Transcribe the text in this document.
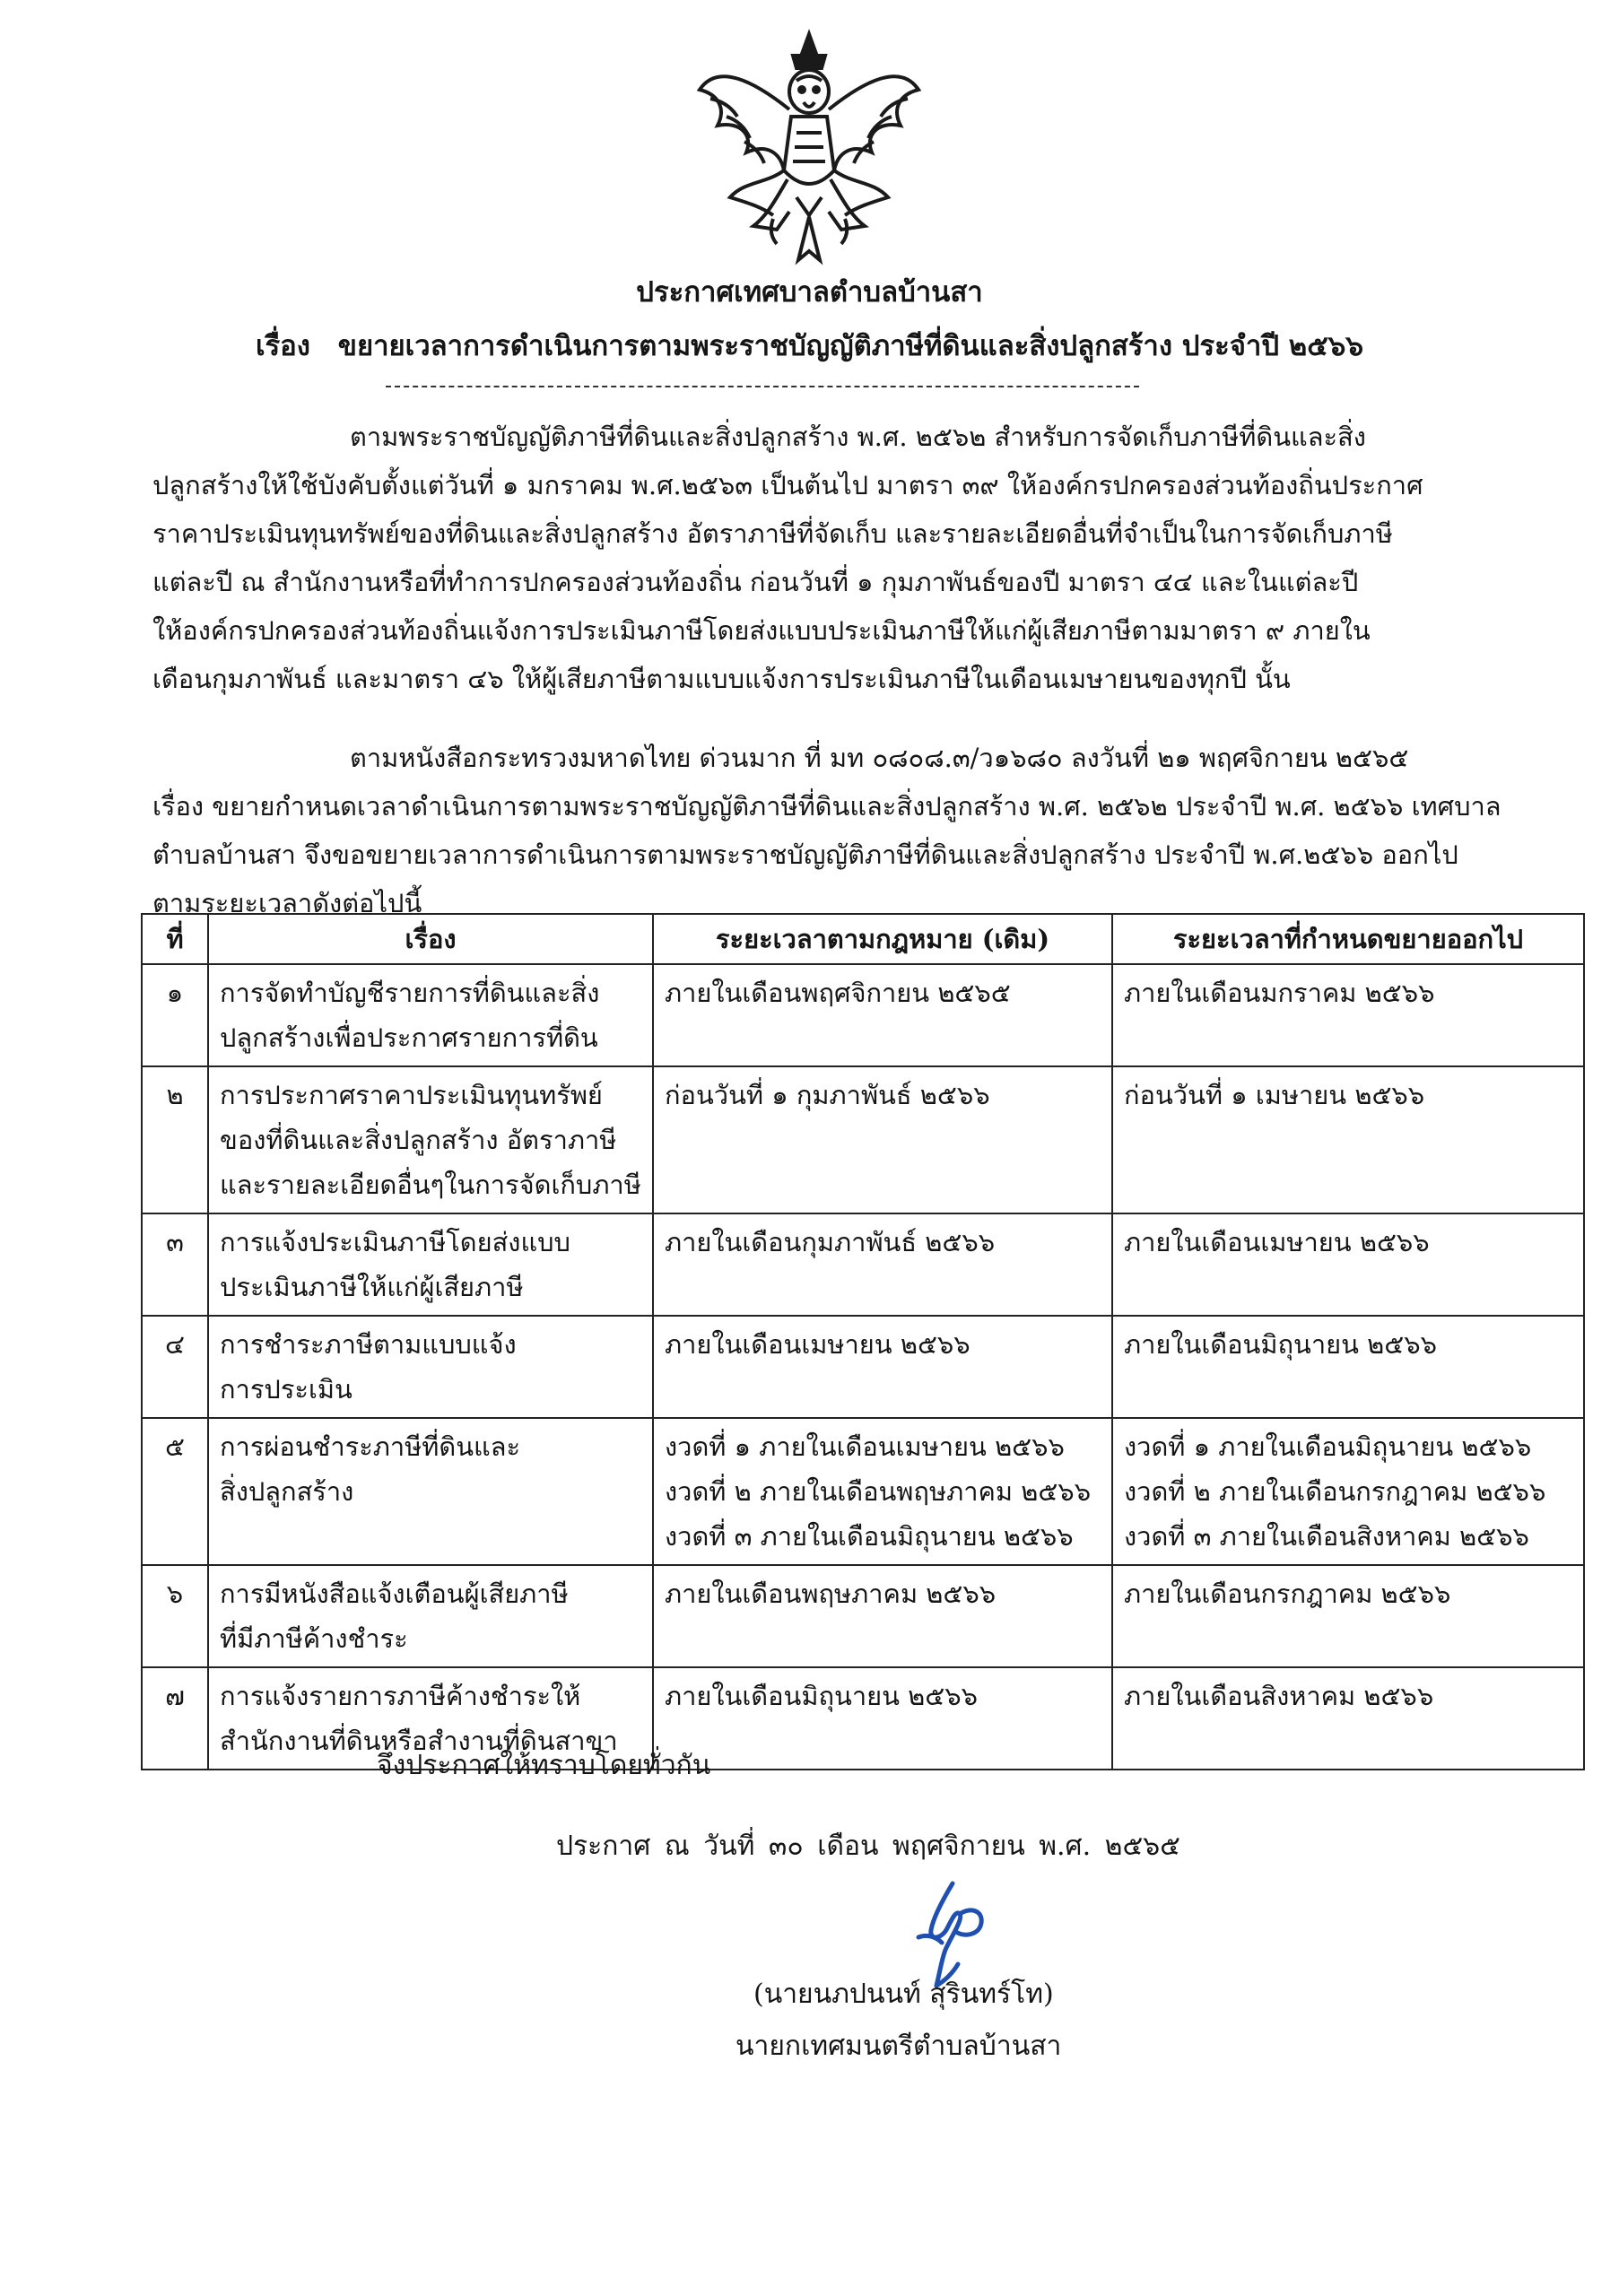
ประกาศเทศบาลตำบลบ้านสา
เรื่อง ขยายเวลาการดำเนินการตามพระราชบัญญัติภาษีที่ดินและสิ่งปลูกสร้าง ประจำปี ๒๕๖๖
ตามพระราชบัญญัติภาษีที่ดินและสิ่งปลูกสร้าง พ.ศ. ๒๕๖๒ สำหรับการจัดเก็บภาษีที่ดินและสิ่ง
ปลูกสร้างให้ใช้บังคับตั้งแต่วันที่ ๑ มกราคม พ.ศ.๒๕๖๓ เป็นต้นไป มาตรา ๓๙ ให้องค์กรปกครองส่วนท้องถิ่นประกาศ
ราคาประเมินทุนทรัพย์ของที่ดินและสิ่งปลูกสร้าง อัตราภาษีที่จัดเก็บ และรายละเอียดอื่นที่จำเป็นในการจัดเก็บภาษี
แต่ละปี ณ สำนักงานหรือที่ทำการปกครองส่วนท้องถิ่น ก่อนวันที่ ๑ กุมภาพันธ์ของปี มาตรา ๔๔ และในแต่ละปี
ให้องค์กรปกครองส่วนท้องถิ่นแจ้งการประเมินภาษีโดยส่งแบบประเมินภาษีให้แก่ผู้เสียภาษีตามมาตรา ๙ ภายใน
เดือนกุมภาพันธ์ และมาตรา ๔๖ ให้ผู้เสียภาษีตามแบบแจ้งการประเมินภาษีในเดือนเมษายนของทุกปี นั้น
ตามหนังสือกระทรวงมหาดไทย ด่วนมาก ที่ มท ๐๘๐๘.๓/ว๑๖๘๐ ลงวันที่ ๒๑ พฤศจิกายน ๒๕๖๕
เรื่อง ขยายกำหนดเวลาดำเนินการตามพระราชบัญญัติภาษีที่ดินและสิ่งปลูกสร้าง พ.ศ. ๒๕๖๒ ประจำปี พ.ศ. ๒๕๖๖ เทศบาล
ตำบลบ้านสา จึงขอขยายเวลาการดำเนินการตามพระราชบัญญัติภาษีที่ดินและสิ่งปลูกสร้าง ประจำปี พ.ศ.๒๕๖๖ ออกไป
ตามระยะเวลาดังต่อไปนี้
ที่	เรื่อง	ระยะเวลาตามกฎหมาย (เดิม)	ระยะเวลาที่กำหนดขยายออกไป
๑	การจัดทำบัญชีรายการที่ดินและสิ่ง
ปลูกสร้างเพื่อประกาศรายการที่ดิน	ภายในเดือนพฤศจิกายน ๒๕๖๕	ภายในเดือนมกราคม ๒๕๖๖

๒	การประกาศราคาประเมินทุนทรัพย์
ของที่ดินและสิ่งปลูกสร้าง อัตราภาษี
และรายละเอียดอื่นๆในการจัดเก็บภาษี	ก่อนวันที่ ๑ กุมภาพันธ์ ๒๕๖๖	ก่อนวันที่ ๑ เมษายน ๒๕๖๖

๓	การแจ้งประเมินภาษีโดยส่งแบบ
ประเมินภาษีให้แก่ผู้เสียภาษี	ภายในเดือนกุมภาพันธ์ ๒๕๖๖	ภายในเดือนเมษายน ๒๕๖๖

๔	การชำระภาษีตามแบบแจ้ง
การประเมิน	ภายในเดือนเมษายน ๒๕๖๖	ภายในเดือนมิถุนายน ๒๕๖๖

๕	การผ่อนชำระภาษีที่ดินและ
สิ่งปลูกสร้าง	งวดที่ ๑ ภายในเดือนเมษายน ๒๕๖๖
งวดที่ ๒ ภายในเดือนพฤษภาคม ๒๕๖๖
งวดที่ ๓ ภายในเดือนมิถุนายน ๒๕๖๖	งวดที่ ๑ ภายในเดือนมิถุนายน ๒๕๖๖
งวดที่ ๒ ภายในเดือนกรกฎาคม ๒๕๖๖
งวดที่ ๓ ภายในเดือนสิงหาคม ๒๕๖๖

๖	การมีหนังสือแจ้งเตือนผู้เสียภาษี
ที่มีภาษีค้างชำระ	ภายในเดือนพฤษภาคม ๒๕๖๖	ภายในเดือนกรกฎาคม ๒๕๖๖

๗	การแจ้งรายการภาษีค้างชำระให้
สำนักงานที่ดินหรือสำงานที่ดินสาขา	ภายในเดือนมิถุนายน ๒๕๖๖	ภายในเดือนสิงหาคม ๒๕๖๖
จึงประกาศให้ทราบโดยทั่วกัน
ประกาศ ณ วันที่ ๓๐ เดือน พฤศจิกายน พ.ศ. ๒๕๖๕
(นายนภปนนท์ สุรินทร์โท)
นายกเทศมนตรีตำบลบ้านสา
